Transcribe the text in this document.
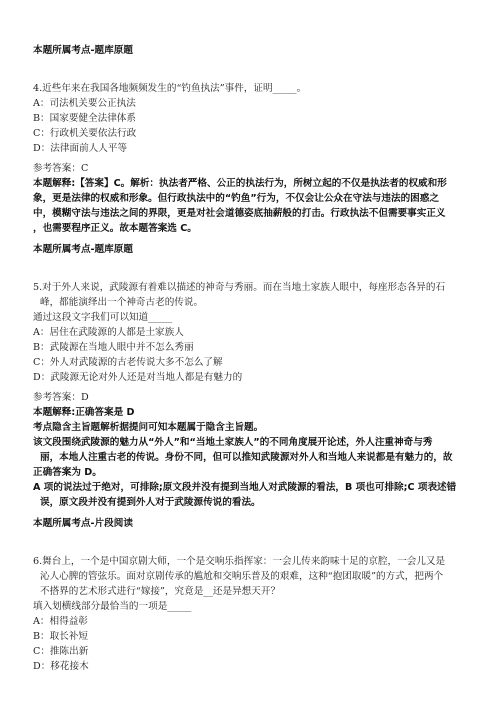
本题所属考点-题库原题
4.近些年来在我国各地频频发生的“钓鱼执法”事件，证明_____。
A：司法机关要公正执法
B：国家要健全法律体系
C：行政机关要依法行政
D：法律面前人人平等
参考答案：C
本题解释:【答案】C。解析：执法者严格、公正的执法行为，所树立起的不仅是执法者的权威和形
象，更是法律的权威和形象。但行政执法中的“钓鱼”行为，不仅会让公众在守法与违法的困惑之
中，模糊守法与违法之间的界限，更是对社会道德姿底抽薪般的打击。行政执法不但需要事实正义
，也需要程序正义。故本题答案选 C。
本题所属考点-题库原题
5.对于外人来说，武陵源有着难以描述的神奇与秀丽。而在当地土家族人眼中，每座形态各异的石
峰，都能演绎出一个神奇古老的传说。
通过这段文字我们可以知道_____
A：居住在武陵源的人都是土家族人
B：武陵源在当地人眼中并不怎么秀丽
C：外人对武陵源的古老传说大多不怎么了解
D：武陵源无论对外人还是对当地人都是有魅力的
参考答案：D
本题解释:正确答案是 D
考点隐含主旨题解析据提问可知本题属于隐含主旨题。
该文段围绕武陵源的魅力从“外人”和“当地土家族人”的不同角度展开论述，外人注重神奇与秀
丽，本地人注重古老的传说。身份不同，但可以推知武陵源对外人和当地人来说都是有魅力的，故
正确答案为 D。
A 项的说法过于绝对，可排除;原文段并没有提到当地人对武陵源的看法，B 项也可排除;C 项表述错
误，原文段并没有提到外人对于武陵源传说的看法。
本题所属考点-片段阅读
6.舞台上，一个是中国京剧大师，一个是交响乐指挥家：一会儿传来韵味十足的京腔，一会儿又是
沁人心脾的管弦乐。面对京剧传承的尴尬和交响乐普及的艰难，这种“抱团取暖”的方式，把两个
不搭界的艺术形式进行“嫁接”，究竟是__还是异想天开？
填入划横线部分最恰当的一项是_____
A：相得益彰
B：取长补短
C：推陈出新
D：移花接木
